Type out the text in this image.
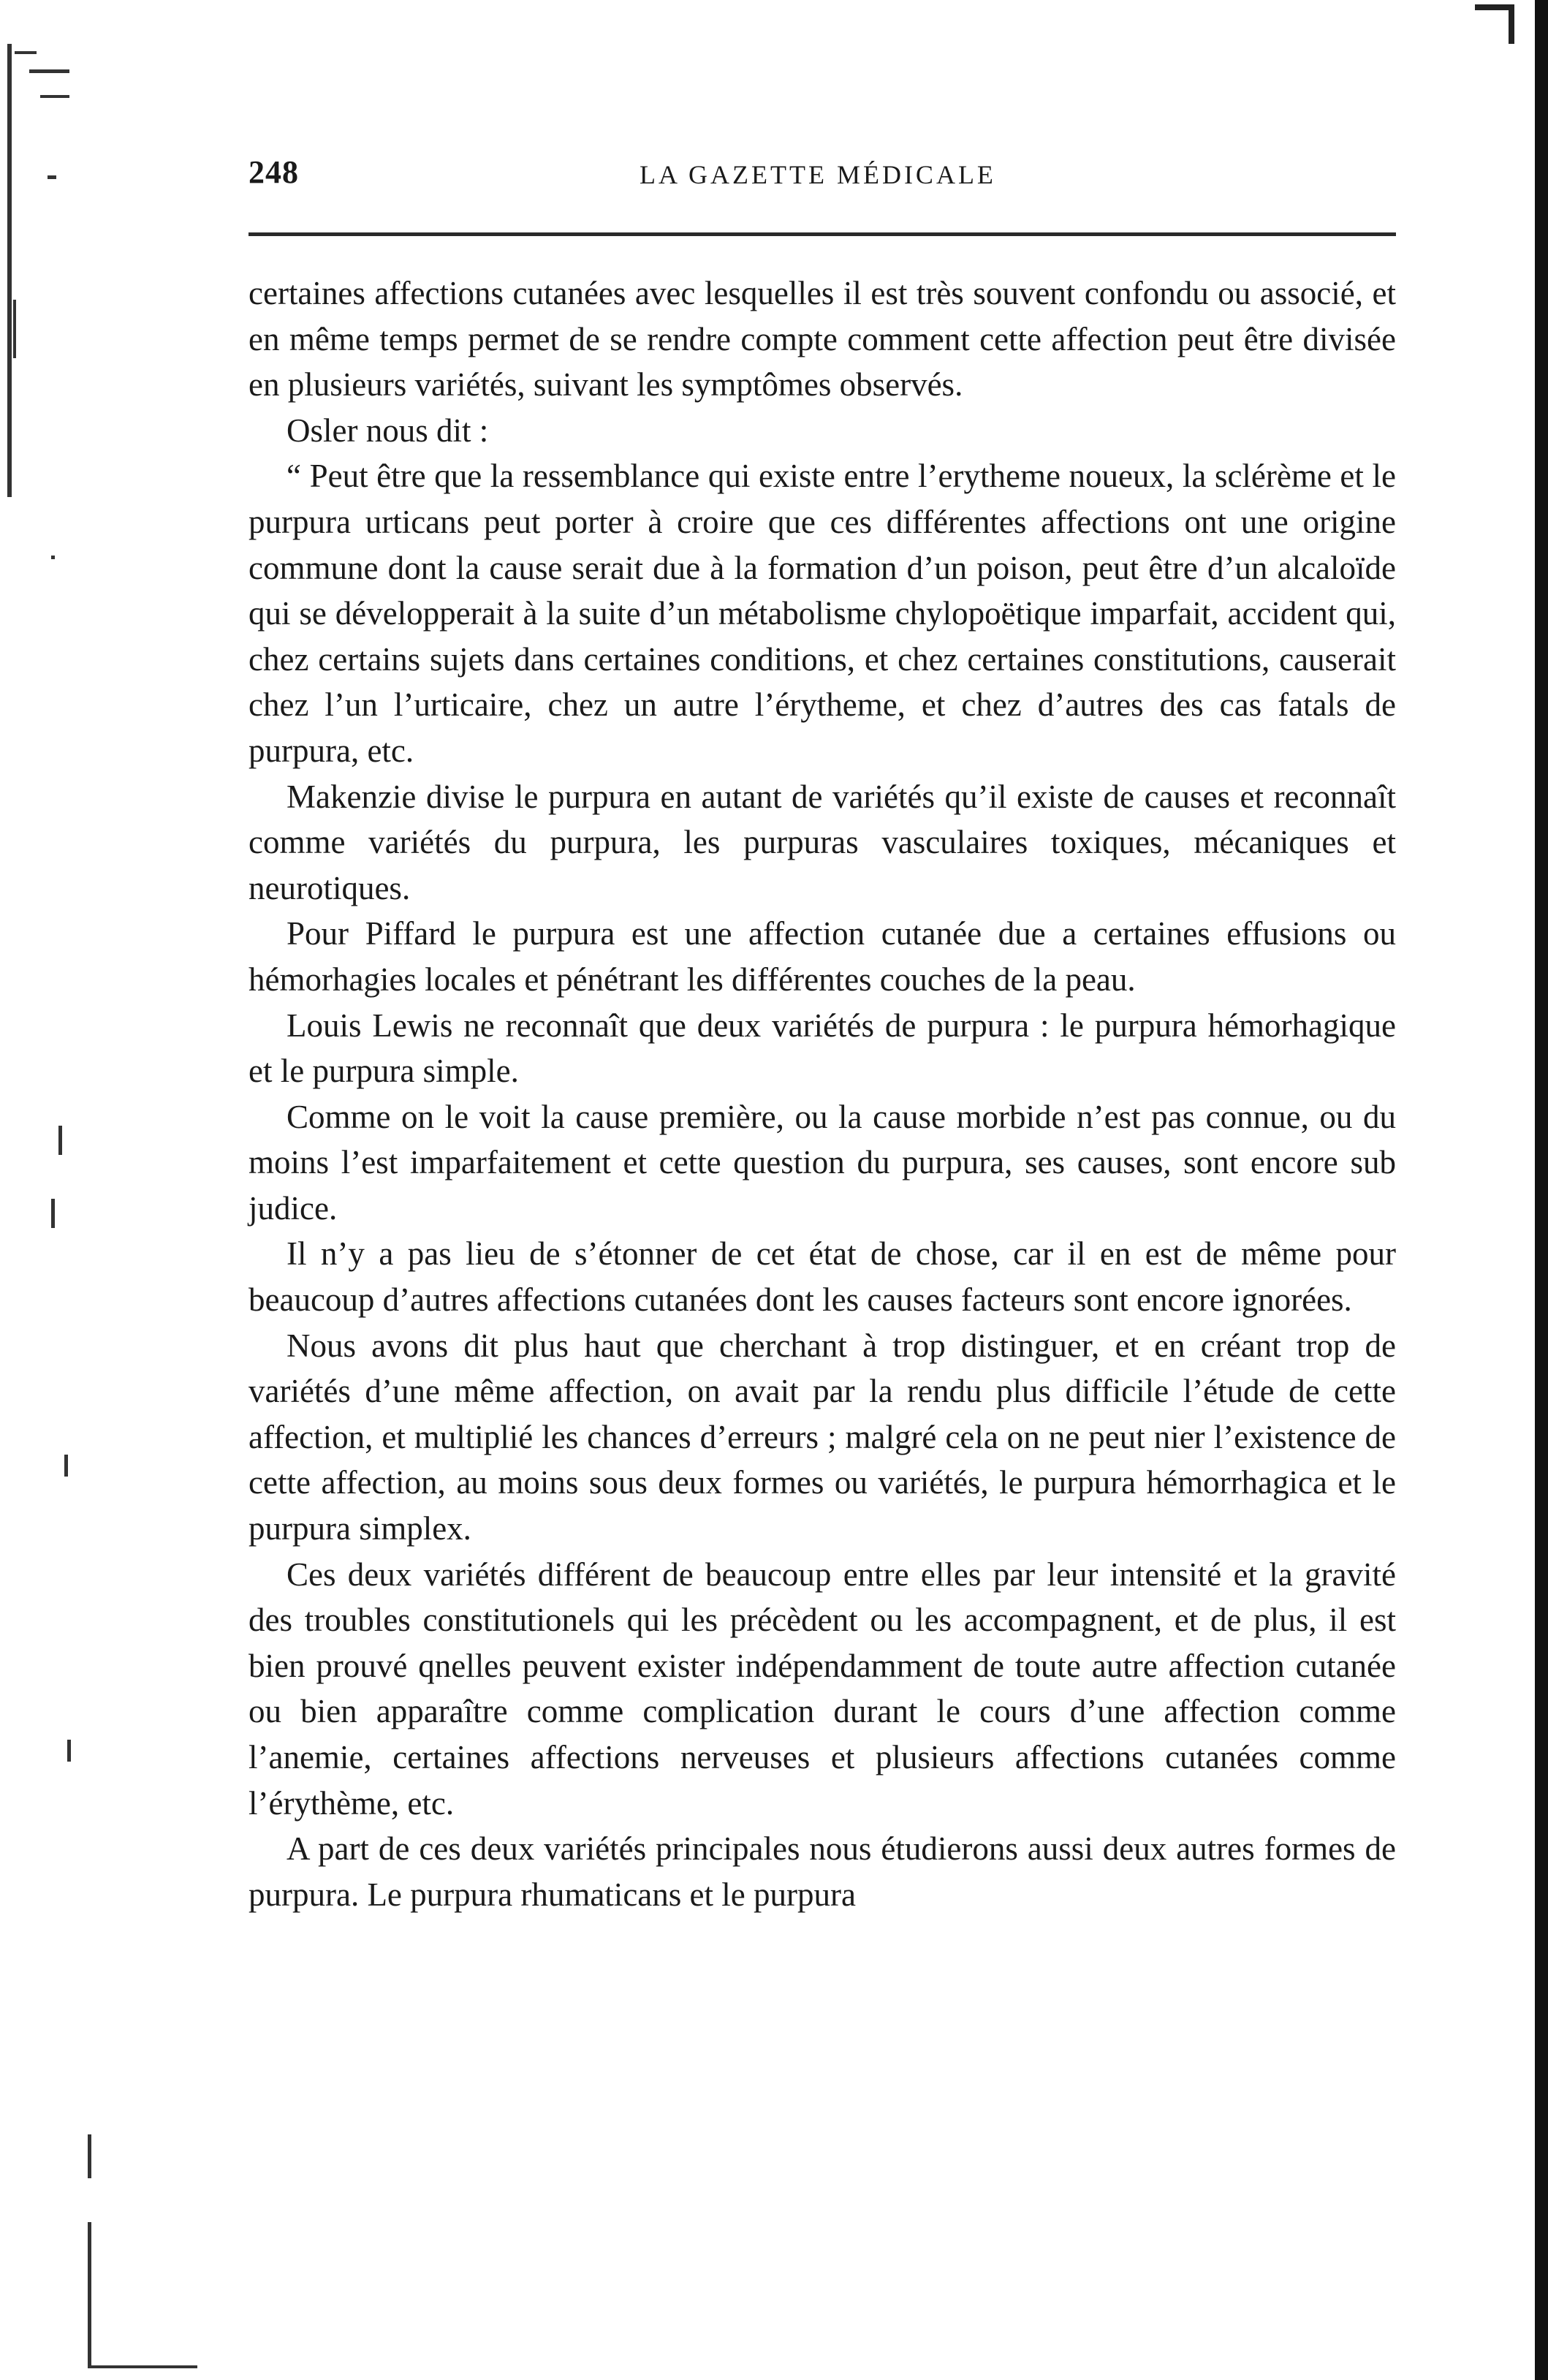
248	LA GAZETTE MÉDICALE

certaines affections cutanées avec lesquelles il est très souvent confondu ou associé, et en même temps permet de se rendre compte comment cette affection peut être divisée en plusieurs variétés, suivant les symptômes observés.

Osler nous dit :

“ Peut être que la ressemblance qui existe entre l’erytheme noueux, la sclérème et le purpura urticans peut porter à croire que ces différentes affections ont une origine commune dont la cause serait due à la formation d’un poison, peut être d’un alcaloïde qui se développerait à la suite d’un métabolisme chylopoëtique imparfait, accident qui, chez certains sujets dans certaines conditions, et chez certaines constitutions, causerait chez l’un l’urticaire, chez un autre l’érytheme, et chez d’autres des cas fatals de purpura, etc.

Makenzie divise le purpura en autant de variétés qu’il existe de causes et reconnaît comme variétés du purpura, les purpuras vasculaires toxiques, mécaniques et neurotiques.

Pour Piffard le purpura est une affection cutanée due a certaines effusions ou hémorhagies locales et pénétrant les différentes couches de la peau.

Louis Lewis ne reconnaît que deux variétés de purpura : le purpura hémorhagique et le purpura simple.

Comme on le voit la cause première, ou la cause morbide n’est pas connue, ou du moins l’est imparfaitement et cette question du purpura, ses causes, sont encore sub judice.

Il n’y a pas lieu de s’étonner de cet état de chose, car il en est de même pour beaucoup d’autres affections cutanées dont les causes facteurs sont encore ignorées.

Nous avons dit plus haut que cherchant à trop distinguer, et en créant trop de variétés d’une même affection, on avait par la rendu plus difficile l’étude de cette affection, et multiplié les chances d’erreurs ; malgré cela on ne peut nier l’existence de cette affection, au moins sous deux formes ou variétés, le purpura hémorrhagica et le purpura simplex.

Ces deux variétés différent de beaucoup entre elles par leur intensité et la gravité des troubles constitutionels qui les précèdent ou les accompagnent, et de plus, il est bien prouvé qnelles peuvent exister indépendamment de toute autre affection cutanée ou bien apparaître comme complication durant le cours d’une affection comme l’anemie, certaines affections nerveuses et plusieurs affections cutanées comme l’érythème, etc.

A part de ces deux variétés principales nous étudierons aussi deux autres formes de purpura. Le purpura rhumaticans et le purpura
